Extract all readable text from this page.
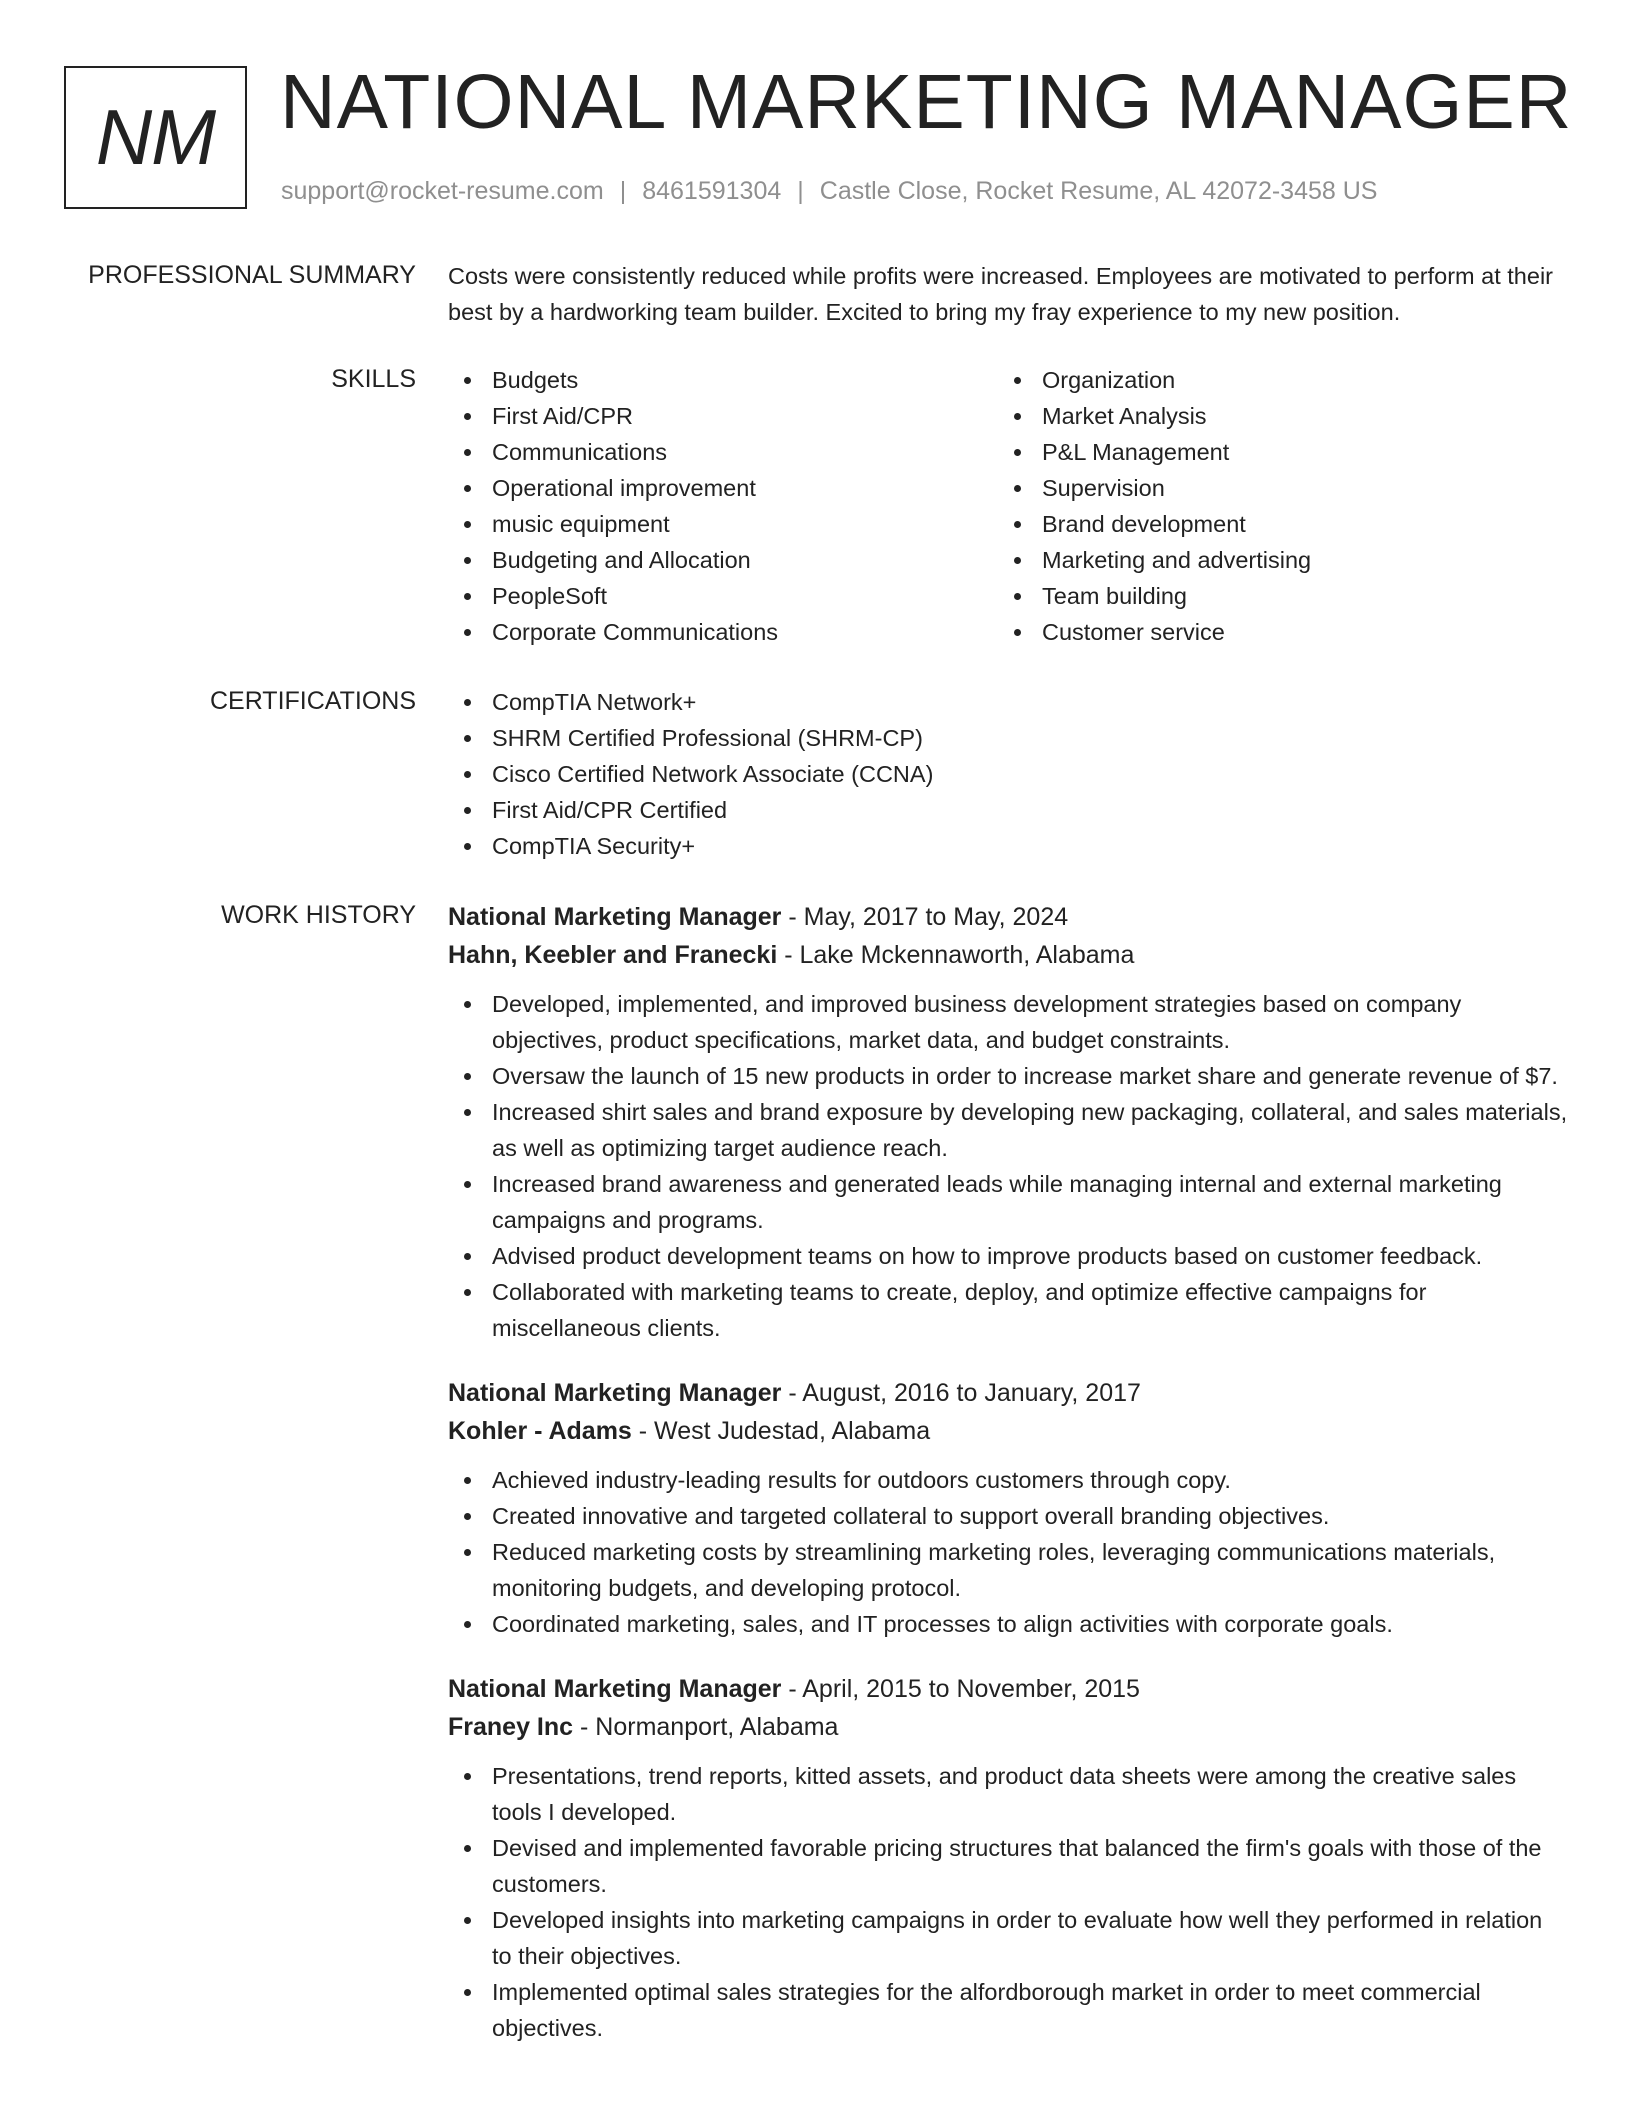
NM NATIONAL MARKETING MANAGER
support@rocket-resume.com | 8461591304 | Castle Close, Rocket Resume, AL 42072-3458 US
PROFESSIONAL SUMMARY Costs were consistently reduced while profits were increased. Employees are motivated to perform at their best by a hardworking team builder. Excited to bring my fray experience to my new position.
SKILLS	Budgets
First Aid/CPR
Communications
Operational improvement
music equipment
Budgeting and Allocation
PeopleSoft
Corporate Communications
Organization
Market Analysis
P&L Management
Supervision
Brand development
Marketing and advertising
Team building
Customer service
CERTIFICATIONS	CompTIA Network+
SHRM Certified Professional (SHRM-CP)
Cisco Certified Network Associate (CCNA)
First Aid/CPR Certified
CompTIA Security+
WORK HISTORY National Marketing Manager - May, 2017 to May, 2024
Hahn, Keebler and Franecki - Lake Mckennaworth, Alabama
Developed, implemented, and improved business development strategies based on company objectives, product specifications, market data, and budget constraints.
Oversaw the launch of 15 new products in order to increase market share and generate revenue of $7.
Increased shirt sales and brand exposure by developing new packaging, collateral, and sales materials, as well as optimizing target audience reach.
Increased brand awareness and generated leads while managing internal and external marketing campaigns and programs.
Advised product development teams on how to improve products based on customer feedback.
Collaborated with marketing teams to create, deploy, and optimize effective campaigns for miscellaneous clients.
National Marketing Manager - August, 2016 to January, 2017
Kohler - Adams - West Judestad, Alabama
Achieved industry-leading results for outdoors customers through copy.
Created innovative and targeted collateral to support overall branding objectives.
Reduced marketing costs by streamlining marketing roles, leveraging communications materials, monitoring budgets, and developing protocol.
Coordinated marketing, sales, and IT processes to align activities with corporate goals.
National Marketing Manager - April, 2015 to November, 2015
Franey Inc - Normanport, Alabama
Presentations, trend reports, kitted assets, and product data sheets were among the creative sales tools I developed.
Devised and implemented favorable pricing structures that balanced the firm's goals with those of the customers.
Developed insights into marketing campaigns in order to evaluate how well they performed in relation to their objectives.
Implemented optimal sales strategies for the alfordborough market in order to meet commercial objectives.
